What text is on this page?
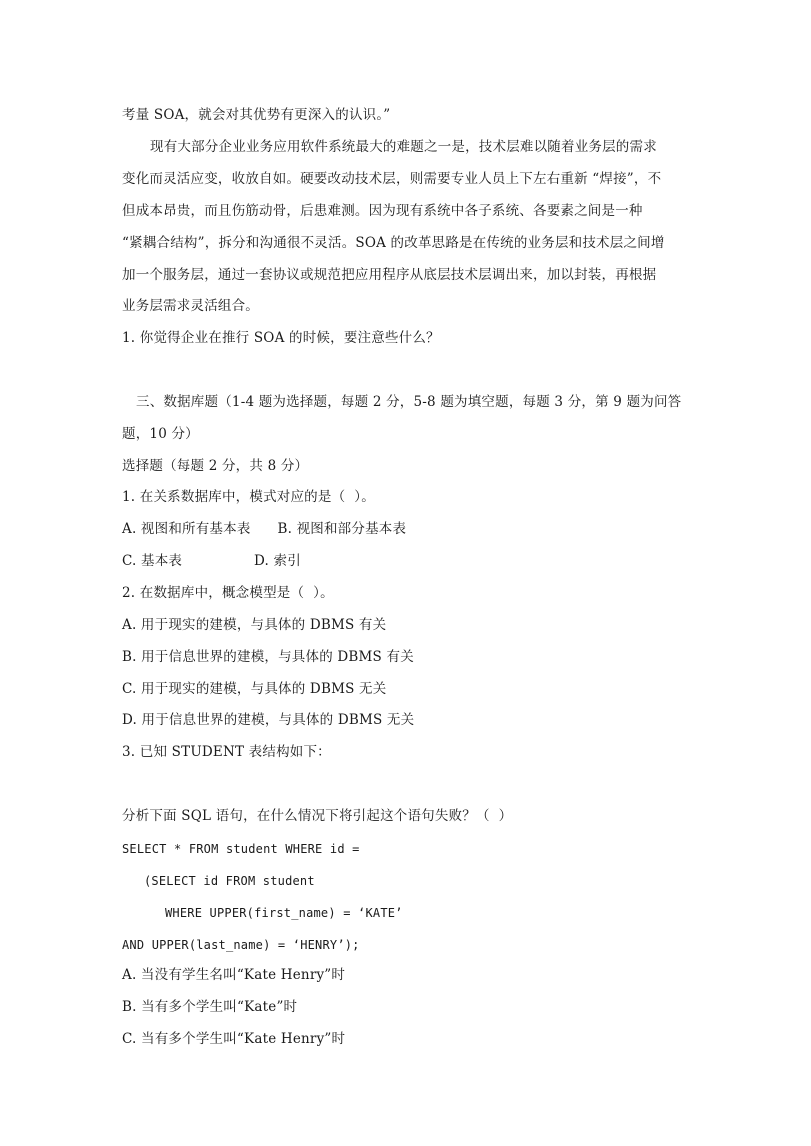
考量 SOA，就会对其优势有更深入的认识。”
现有大部分企业业务应用软件系统最大的难题之一是，技术层难以随着业务层的需求
变化而灵活应变，收放自如。硬要改动技术层，则需要专业人员上下左右重新 “焊接”，不
但成本昂贵，而且伤筋动骨，后患难测。因为现有系统中各子系统、各要素之间是一种
“紧耦合结构”，拆分和沟通很不灵活。SOA 的改革思路是在传统的业务层和技术层之间增
加一个服务层，通过一套协议或规范把应用程序从底层技术层调出来，加以封装，再根据
业务层需求灵活组合。
1. 你觉得企业在推行 SOA 的时候，要注意些什么？
三、数据库题（1-4 题为选择题，每题 2 分，5-8 题为填空题，每题 3 分，第 9 题为问答
题，10 分）
选择题（每题 2 分，共 8 分）
1. 在关系数据库中，模式对应的是（  ）。
A. 视图和所有基本表      B. 视图和部分基本表
C. 基本表                D. 索引
2. 在数据库中，概念模型是（  ）。
A. 用于现实的建模，与具体的 DBMS 有关
B. 用于信息世界的建模，与具体的 DBMS 有关
C. 用于现实的建模，与具体的 DBMS 无关
D. 用于信息世界的建模，与具体的 DBMS 无关
3. 已知 STUDENT 表结构如下：
分析下面 SQL 语句，在什么情况下将引起这个语句失败？（  ）
SELECT * FROM student WHERE id =
(SELECT id FROM student
WHERE UPPER(first_name) = ‘KATE’
AND UPPER(last_name) = ‘HENRY’);
A. 当没有学生名叫“Kate Henry”时
B. 当有多个学生叫“Kate”时
C. 当有多个学生叫“Kate Henry”时
